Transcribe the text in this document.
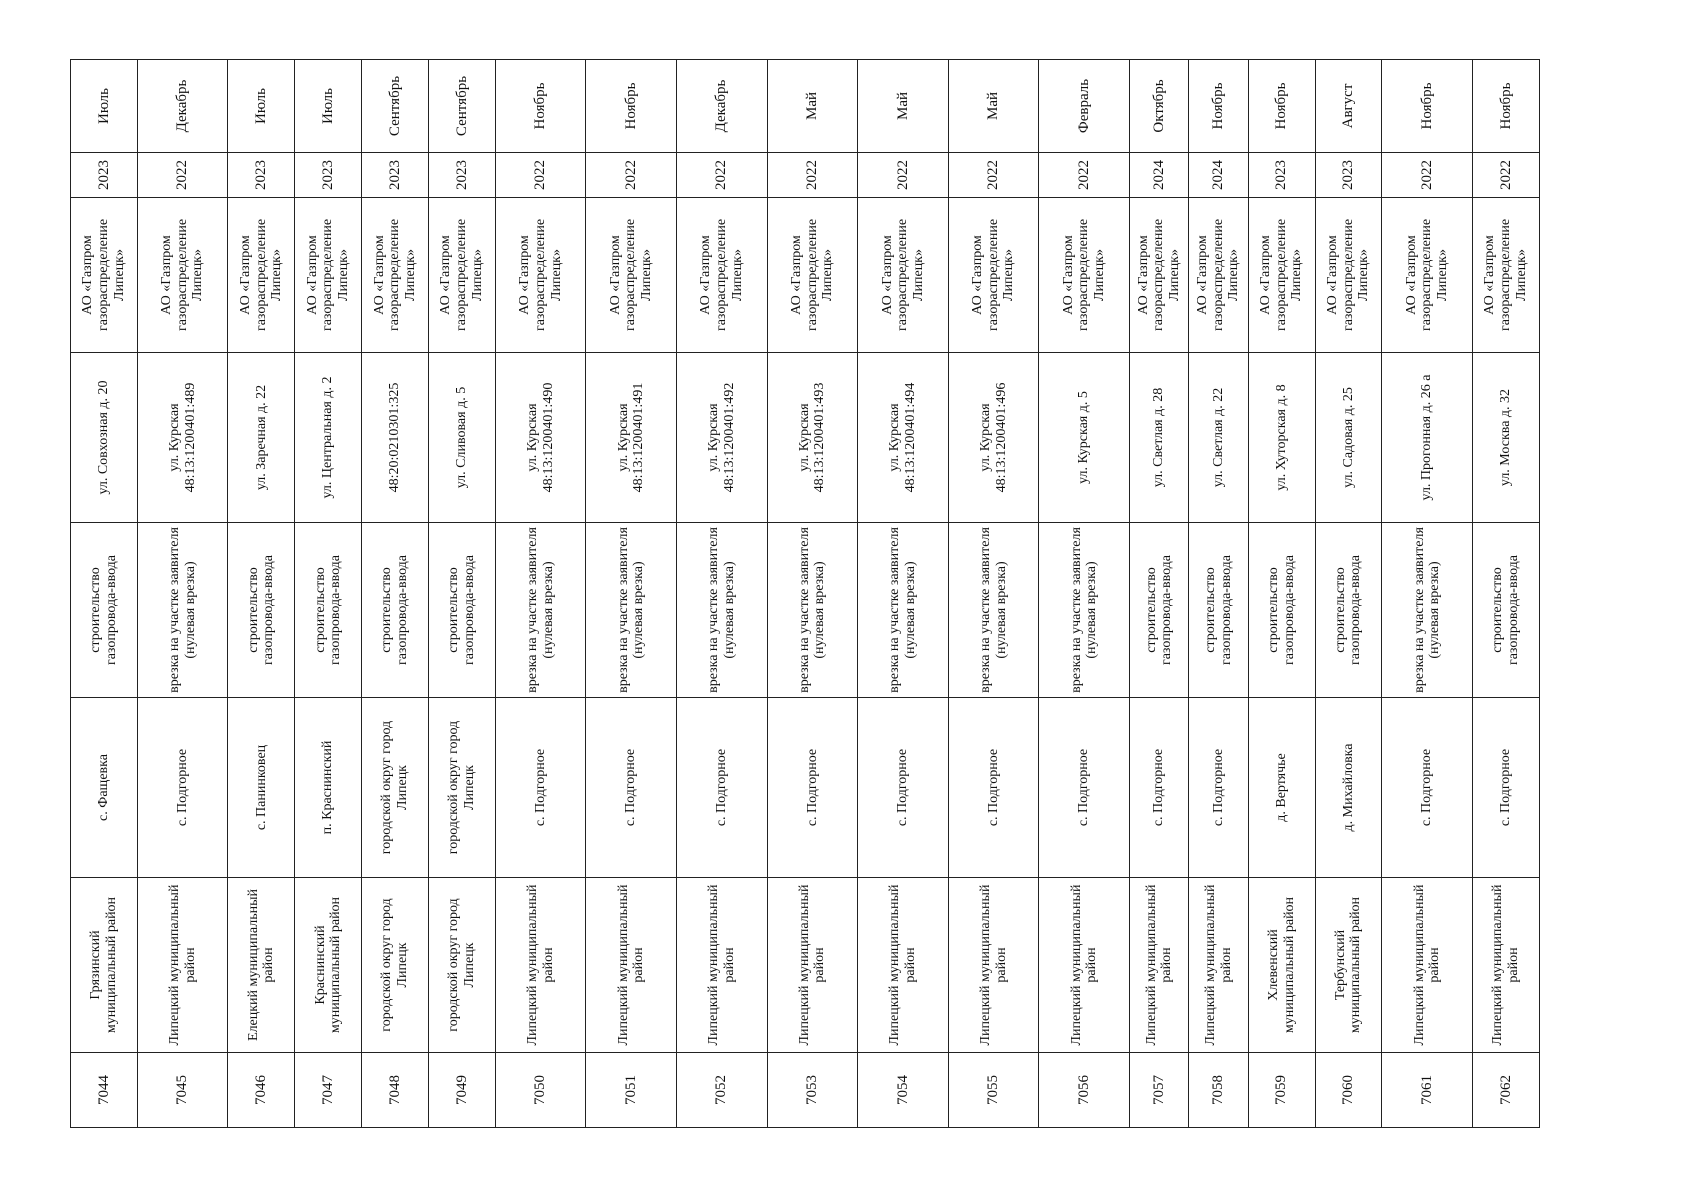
7044	Грязинский муниципальный район	с. Фащевка	строительство газопровода-ввода	ул. Совхозная д. 20	АО «Газпром газораспределение Липецк»	2023	Июль
7045	Липецкий муниципальный район	с. Подгорное	врезка на участке заявителя (нулевая врезка)	ул. Курская 48:13:1200401:489	АО «Газпром газораспределение Липецк»	2022	Декабрь
7046	Елецкий муниципальный район	с. Панинковец	строительство газопровода-ввода	ул. Заречная д. 22	АО «Газпром газораспределение Липецк»	2023	Июль
7047	Краснинский муниципальный район	п. Краснинский	строительство газопровода-ввода	ул. Центральная д. 2	АО «Газпром газораспределение Липецк»	2023	Июль
7048	городской округ город Липецк	городской округ город Липецк	строительство газопровода-ввода	48:20:0210301:325	АО «Газпром газораспределение Липецк»	2023	Сентябрь
7049	городской округ город Липецк	городской округ город Липецк	строительство газопровода-ввода	ул. Сливовая д. 5	АО «Газпром газораспределение Липецк»	2023	Сентябрь
7050	Липецкий муниципальный район	с. Подгорное	врезка на участке заявителя (нулевая врезка)	ул. Курская 48:13:1200401:490	АО «Газпром газораспределение Липецк»	2022	Ноябрь
7051	Липецкий муниципальный район	с. Подгорное	врезка на участке заявителя (нулевая врезка)	ул. Курская 48:13:1200401:491	АО «Газпром газораспределение Липецк»	2022	Ноябрь
7052	Липецкий муниципальный район	с. Подгорное	врезка на участке заявителя (нулевая врезка)	ул. Курская 48:13:1200401:492	АО «Газпром газораспределение Липецк»	2022	Декабрь
7053	Липецкий муниципальный район	с. Подгорное	врезка на участке заявителя (нулевая врезка)	ул. Курская 48:13:1200401:493	АО «Газпром газораспределение Липецк»	2022	Май
7054	Липецкий муниципальный район	с. Подгорное	врезка на участке заявителя (нулевая врезка)	ул. Курская 48:13:1200401:494	АО «Газпром газораспределение Липецк»	2022	Май
7055	Липецкий муниципальный район	с. Подгорное	врезка на участке заявителя (нулевая врезка)	ул. Курская 48:13:1200401:496	АО «Газпром газораспределение Липецк»	2022	Май
7056	Липецкий муниципальный район	с. Подгорное	врезка на участке заявителя (нулевая врезка)	ул. Курская д. 5	АО «Газпром газораспределение Липецк»	2022	Февраль
7057	Липецкий муниципальный район	с. Подгорное	строительство газопровода-ввода	ул. Светлая д. 28	АО «Газпром газораспределение Липецк»	2024	Октябрь
7058	Липецкий муниципальный район	с. Подгорное	строительство газопровода-ввода	ул. Светлая д. 22	АО «Газпром газораспределение Липецк»	2024	Ноябрь
7059	Хлевенский муниципальный район	д. Вертячье	строительство газопровода-ввода	ул. Хуторская д. 8	АО «Газпром газораспределение Липецк»	2023	Ноябрь
7060	Тербунский муниципальный район	д. Михайловка	строительство газопровода-ввода	ул. Садовая д. 25	АО «Газпром газораспределение Липецк»	2023	Август
7061	Липецкий муниципальный район	с. Подгорное	врезка на участке заявителя (нулевая врезка)	ул. Прогонная д. 26 а	АО «Газпром газораспределение Липецк»	2022	Ноябрь
7062	Липецкий муниципальный район	с. Подгорное	строительство газопровода-ввода	ул. Москва д. 32	АО «Газпром газораспределение Липецк»	2022	Ноябрь
